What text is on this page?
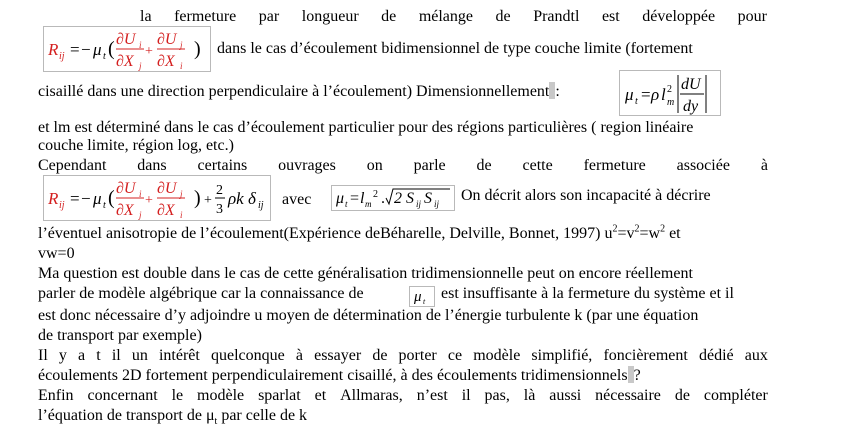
la fermeture par longueur de mélange de Prandtl est développée pour
R ij = − μ t ( ∂U i
∂X j
+
∂U j
∂X i
) dans le cas d’écoulement bidimensionnel de type couche limite (fortement
cisaillé dans une direction perpendiculaire à l’écoulement) Dimensionnellement :	μ t = ρ l 2
m
dU
dy
et lm est déterminé dans le cas d’écoulement particulier pour des régions particulières ( region linéaire
couche limite, région log, etc.)
Cependant dans certains ouvrages on parle de cette fermeture associée à
R ij = − μ t ( ∂U i
∂X j
+
∂U j
∂X i
) +
2
3
ρk δ ij avec μ t = l m
2 . 2 S ij S ij On décrit alors son incapacité à décrire
l’éventuel anisotropie de l’écoulement(Expérience deBéharelle, Delville, Bonnet, 1997) $u^2=v^2=w^2$ et
vw=0
Ma question est double dans le cas de cette généralisation tridimensionnelle peut on encore réellement
parler de modèle algébrique car la connaissance de	μ t est insuffisante à la fermeture du système et il
est donc nécessaire d’y adjoindre u moyen de détermination de l’énergie turbulente k (par une équation
de transport par exemple)
Il y a t il un intérêt quelconque à essayer de porter ce modèle simplifié, foncièrement dédié aux
écoulements 2D fortement perpendiculairement cisaillé, à des écoulements tridimensionnels ?
Enfin concernant le modèle sparlat et Allmaras, n’est il pas, là aussi nécessaire de compléter
l’équation de transport de $\mu_t$ par celle de k
